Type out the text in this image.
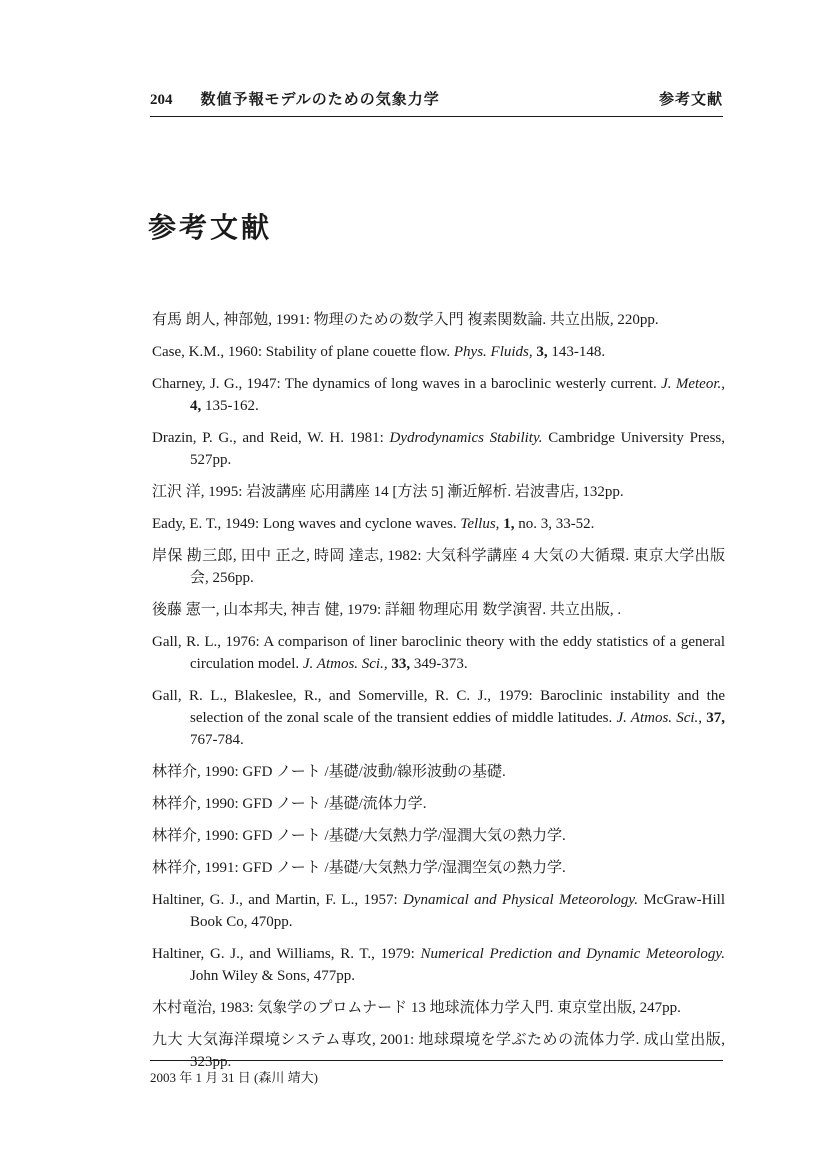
204 数値予報モデルのための気象力学	参考文献
参考文献

有馬 朗人, 神部勉, 1991: 物理のための数学入門 複素関数論. 共立出版, 220pp.

Case, K.M., 1960: Stability of plane couette flow. Phys. Fluids, 3, 143-148.

Charney, J. G., 1947: The dynamics of long waves in a baroclinic westerly current. J. Meteor., 4, 135-162.

Drazin, P. G., and Reid, W. H. 1981: Dydrodynamics Stability. Cambridge University Press, 527pp.

江沢 洋, 1995: 岩波講座 応用講座 14 [方法 5] 漸近解析. 岩波書店, 132pp.

Eady, E. T., 1949: Long waves and cyclone waves. Tellus, 1, no. 3, 33-52.

岸保 勘三郎, 田中 正之, 時岡 達志, 1982: 大気科学講座 4 大気の大循環. 東京大学出版会, 256pp.

後藤 憲一, 山本邦夫, 神吉 健, 1979: 詳細 物理応用 数学演習. 共立出版, .

Gall, R. L., 1976: A comparison of liner baroclinic theory with the eddy statistics of a general circulation model. J. Atmos. Sci., 33, 349-373.

Gall, R. L., Blakeslee, R., and Somerville, R. C. J., 1979: Baroclinic instability and the selection of the zonal scale of the transient eddies of middle latitudes. J. Atmos. Sci., 37, 767-784.

林祥介, 1990: GFD ノート /基礎/波動/線形波動の基礎.

林祥介, 1990: GFD ノート /基礎/流体力学.

林祥介, 1990: GFD ノート /基礎/大気熱力学/湿潤大気の熱力学.

林祥介, 1991: GFD ノート /基礎/大気熱力学/湿潤空気の熱力学.

Haltiner, G. J., and Martin, F. L., 1957: Dynamical and Physical Meteorology. McGraw-Hill Book Co, 470pp.

Haltiner, G. J., and Williams, R. T., 1979: Numerical Prediction and Dynamic Meteorology. John Wiley & Sons, 477pp.

木村竜治, 1983: 気象学のプロムナード 13 地球流体力学入門. 東京堂出版, 247pp.

九大 大気海洋環境システム専攻, 2001: 地球環境を学ぶための流体力学. 成山堂出版, 323pp.

2003 年 1 月 31 日 (森川 靖大)
